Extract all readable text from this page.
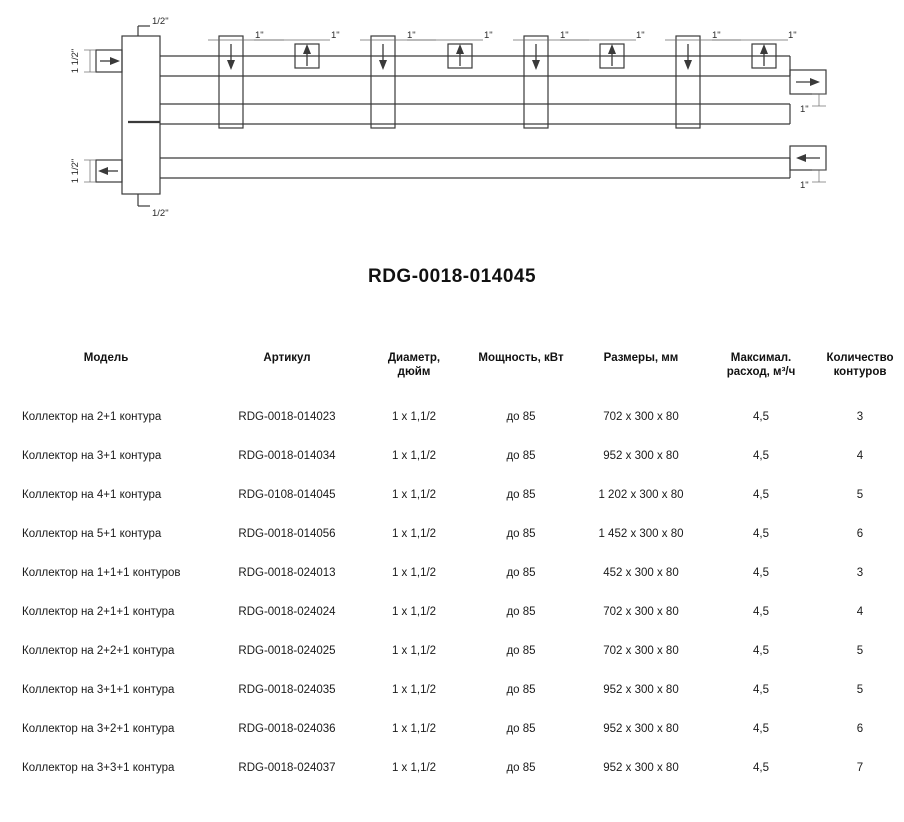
1/2"
1/2"
1"	1"	1"	1"	1"	1"	1"	1"
1"
1"
1 1/2"
1 1/2"
RDG-0018-014045
Модель	Артикул	Диаметр,
дюйм	Мощность, кВт	Размеры, мм	Максимал.
расход, м³/ч	Количество
контуров
Коллектор на 2+1 контура	RDG-0018-014023	1 x 1,1/2	до 85	702 x 300 x 80	4,5	3
Коллектор на 3+1 контура	RDG-0018-014034	1 x 1,1/2	до 85	952 x 300 x 80	4,5	4
Коллектор на 4+1 контура	RDG-0108-014045	1 x 1,1/2	до 85	1 202 x 300 x 80	4,5	5
Коллектор на 5+1 контура	RDG-0018-014056	1 x 1,1/2	до 85	1 452 x 300 x 80	4,5	6
Коллектор на 1+1+1 контуров	RDG-0018-024013	1 x 1,1/2	до 85	452 x 300 x 80	4,5	3
Коллектор на 2+1+1 контура	RDG-0018-024024	1 x 1,1/2	до 85	702 x 300 x 80	4,5	4
Коллектор на 2+2+1 контура	RDG-0018-024025	1 x 1,1/2	до 85	702 x 300 x 80	4,5	5
Коллектор на 3+1+1 контура	RDG-0018-024035	1 x 1,1/2	до 85	952 x 300 x 80	4,5	5
Коллектор на 3+2+1 контура	RDG-0018-024036	1 x 1,1/2	до 85	952 x 300 x 80	4,5	6
Коллектор на 3+3+1 контура	RDG-0018-024037	1 x 1,1/2	до 85	952 x 300 x 80	4,5	7
